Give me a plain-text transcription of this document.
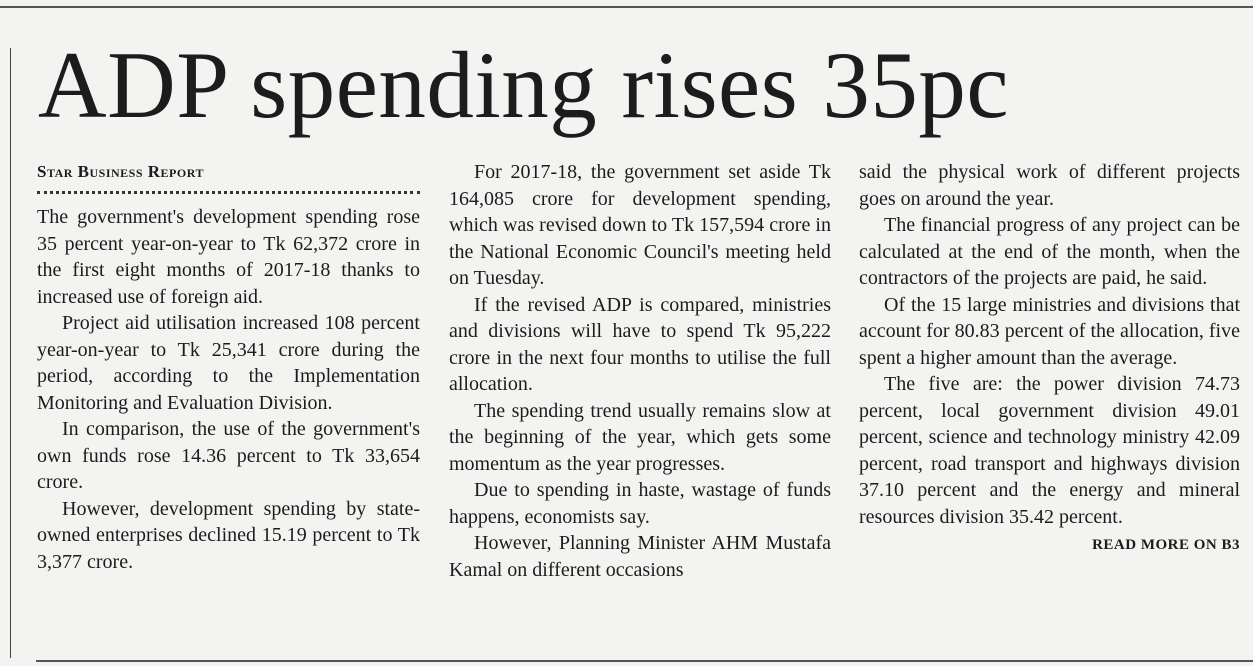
ADP spending rises 35pc
Star Business Report

The government's development spending rose 35 percent year-on-year to Tk 62,372 crore in the first eight months of 2017-18 thanks to increased use of foreign aid.

Project aid utilisation increased 108 percent year-on-year to Tk 25,341 crore during the period, according to the Implementation Monitoring and Evaluation Division.

In comparison, the use of the government's own funds rose 14.36 percent to Tk 33,654 crore.

However, development spending by state-owned enterprises declined 15.19 percent to Tk 3,377 crore.

For 2017-18, the government set aside Tk 164,085 crore for development spending, which was revised down to Tk 157,594 crore in the National Economic Council's meeting held on Tuesday.

If the revised ADP is compared, ministries and divisions will have to spend Tk 95,222 crore in the next four months to utilise the full allocation.

The spending trend usually remains slow at the beginning of the year, which gets some momentum as the year progresses.

Due to spending in haste, wastage of funds happens, economists say.

However, Planning Minister AHM Mustafa Kamal on different occasions

said the physical work of different projects goes on around the year.

The financial progress of any project can be calculated at the end of the month, when the contractors of the projects are paid, he said.

Of the 15 large ministries and divisions that account for 80.83 percent of the allocation, five spent a higher amount than the average.

The five are: the power division 74.73 percent, local government division 49.01 percent, science and technology ministry 42.09 percent, road transport and highways division 37.10 percent and the energy and mineral resources division 35.42 percent.

READ MORE ON B3
